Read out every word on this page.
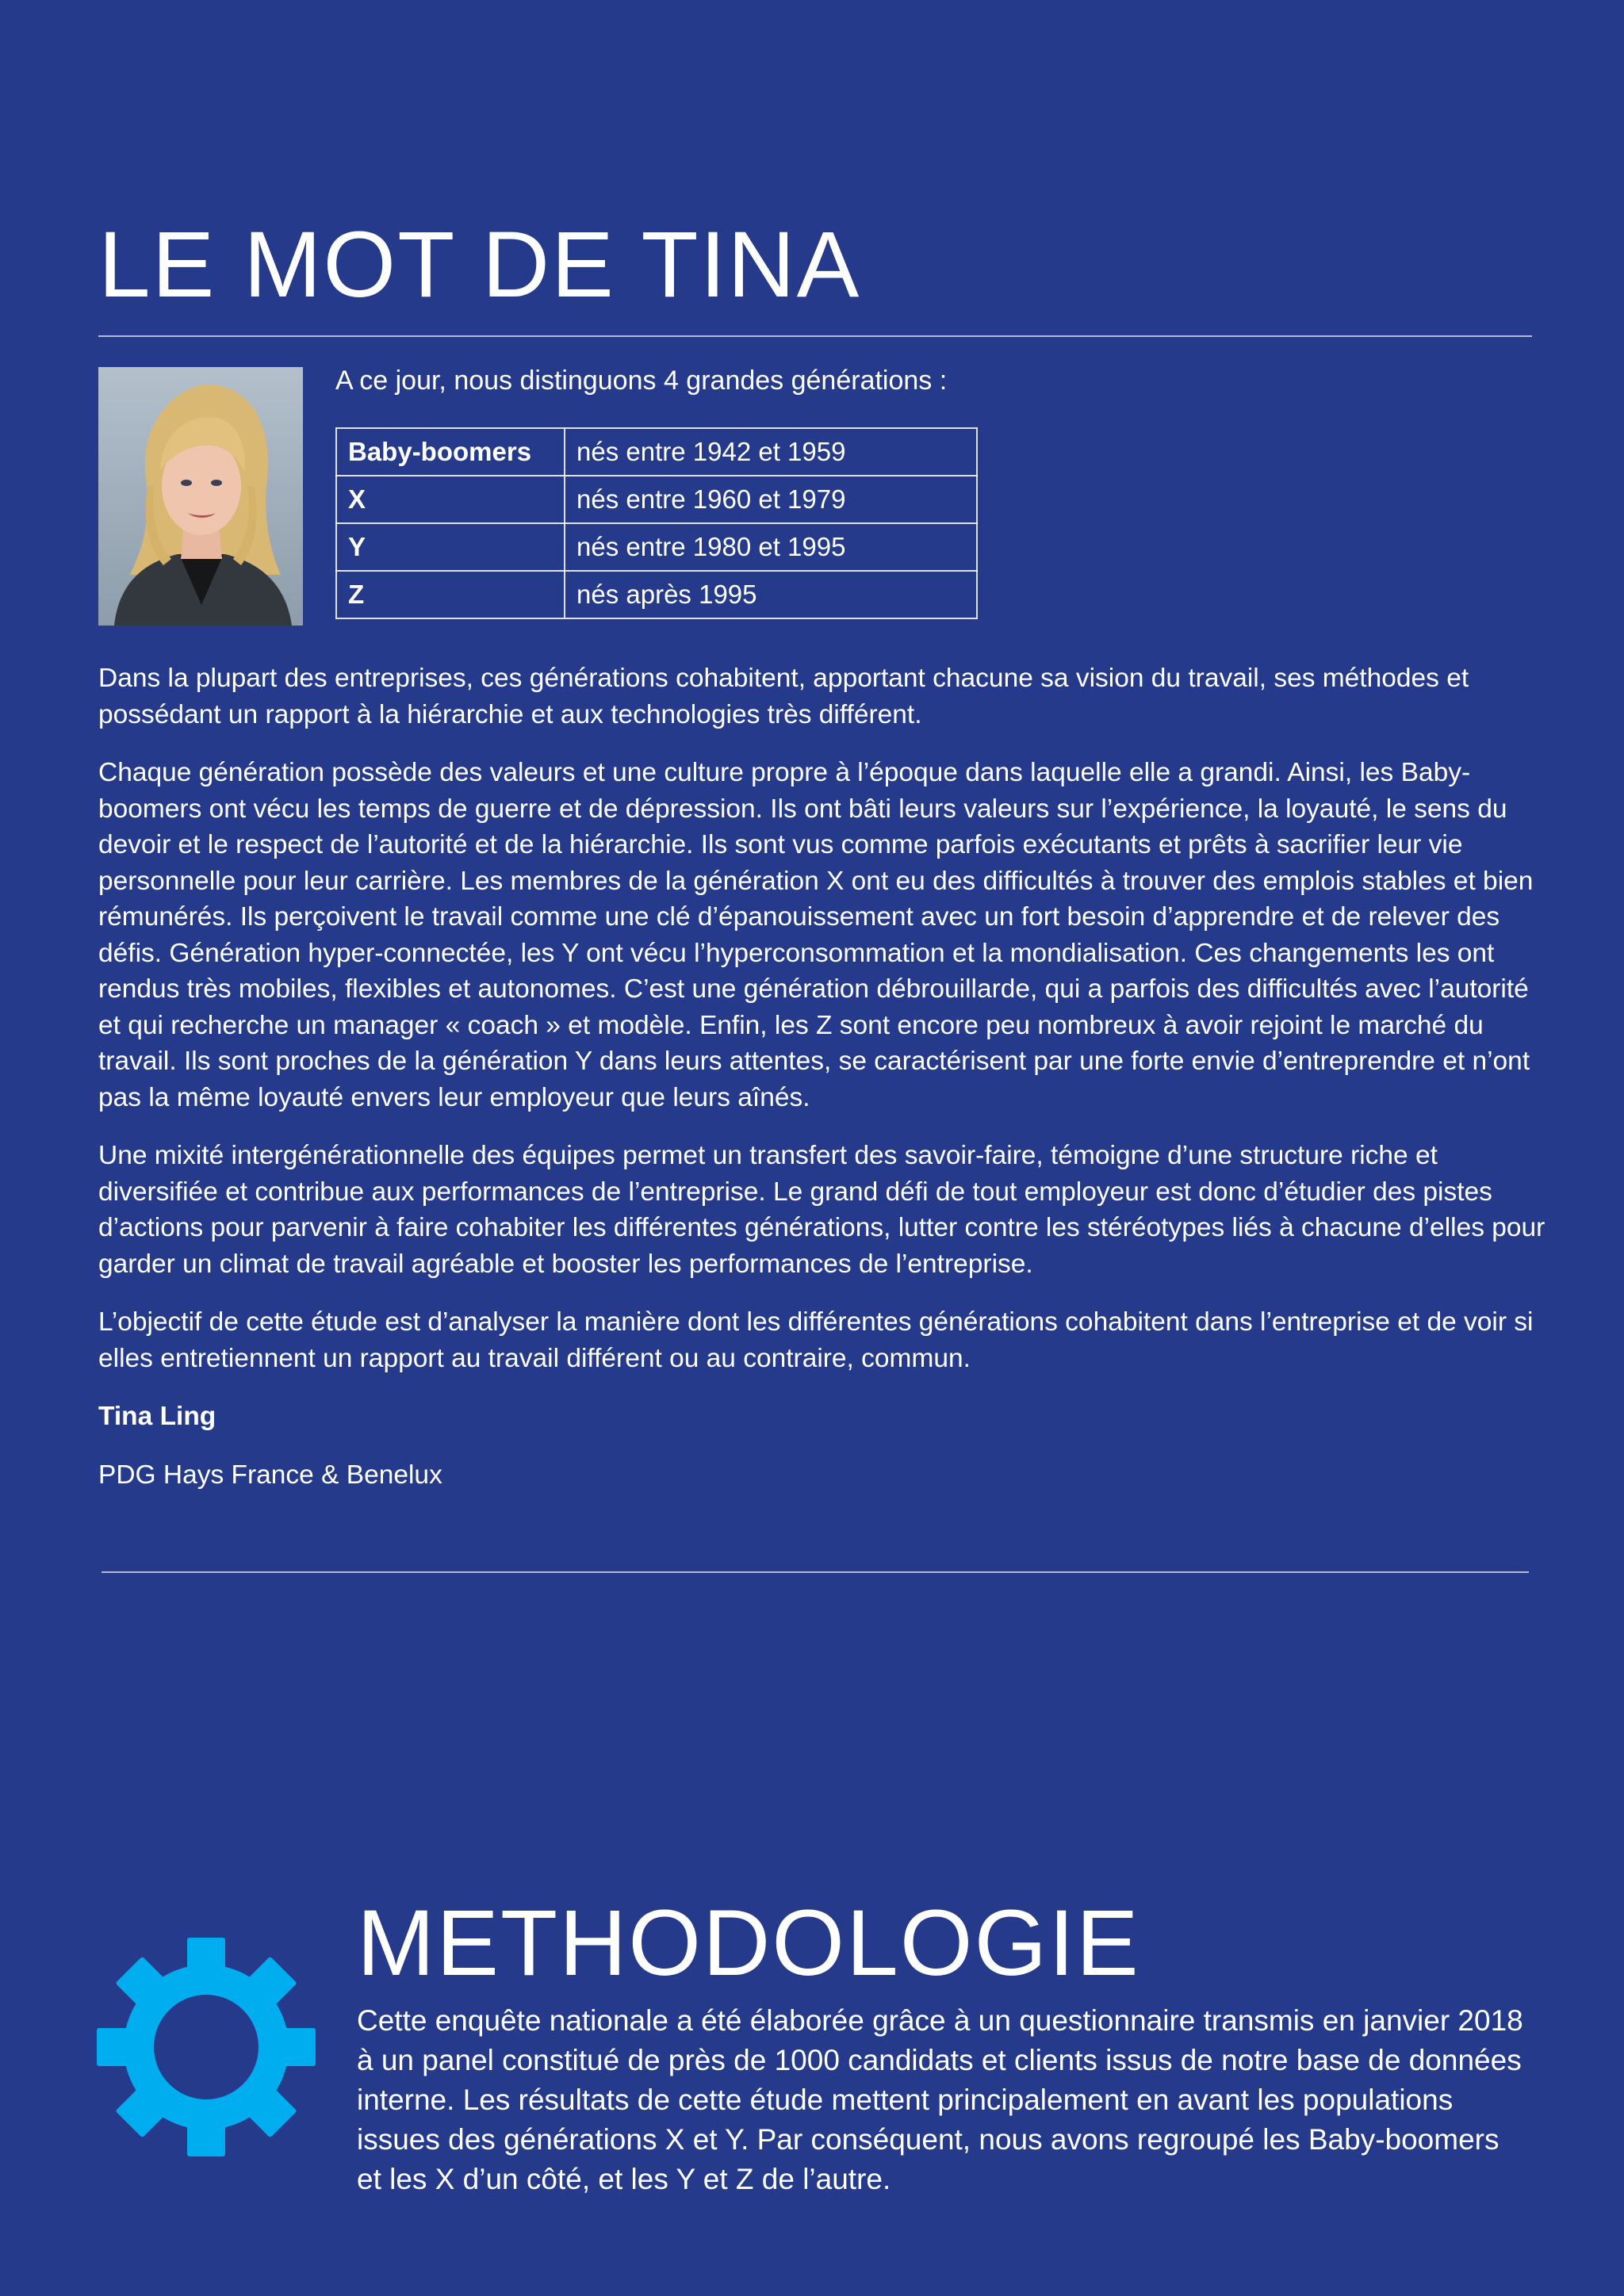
LE MOT DE TINA
A ce jour, nous distinguons 4 grandes générations :
Baby-boomers	nés entre 1942 et 1959
X	nés entre 1960 et 1979
Y	nés entre 1980 et 1995
Z	nés après 1995

Dans la plupart des entreprises, ces générations cohabitent, apportant chacune sa vision du travail, ses méthodes et possédant un rapport à la hiérarchie et aux technologies très différent.

Chaque génération possède des valeurs et une culture propre à l’époque dans laquelle elle a grandi. Ainsi, les Baby-boomers ont vécu les temps de guerre et de dépression. Ils ont bâti leurs valeurs sur l’expérience, la loyauté, le sens du devoir et le respect de l’autorité et de la hiérarchie. Ils sont vus comme parfois exécutants et prêts à sacrifier leur vie personnelle pour leur carrière. Les membres de la génération X ont eu des difficultés à trouver des emplois stables et bien rémunérés. Ils perçoivent le travail comme une clé d’épanouissement avec un fort besoin d’apprendre et de relever des défis. Génération hyper-connectée, les Y ont vécu l’hyperconsommation et la mondialisation. Ces changements les ont rendus très mobiles, flexibles et autonomes. C’est une génération débrouillarde, qui a parfois des difficultés avec l’autorité et qui recherche un manager « coach » et modèle. Enfin, les Z sont encore peu nombreux à avoir rejoint le marché du travail. Ils sont proches de la génération Y dans leurs attentes, se caractérisent par une forte envie d’entreprendre et n’ont pas la même loyauté envers leur employeur que leurs aînés.

Une mixité intergénérationnelle des équipes permet un transfert des savoir-faire, témoigne d’une structure riche et diversifiée et contribue aux performances de l’entreprise. Le grand défi de tout employeur est donc d’étudier des pistes d’actions pour parvenir à faire cohabiter les différentes générations, lutter contre les stéréotypes liés à chacune d’elles pour garder un climat de travail agréable et booster les performances de l’entreprise.

L’objectif de cette étude est d’analyser la manière dont les différentes générations cohabitent dans l’entreprise et de voir si elles entretiennent un rapport au travail différent ou au contraire, commun.

Tina Ling

PDG Hays France & Benelux

METHODOLOGIE

Cette enquête nationale a été élaborée grâce à un questionnaire transmis en janvier 2018 à un panel constitué de près de 1000 candidats et clients issus de notre base de données interne. Les résultats de cette étude mettent principalement en avant les populations issues des générations X et Y. Par conséquent, nous avons regroupé les Baby-boomers et les X d’un côté, et les Y et Z de l’autre.
